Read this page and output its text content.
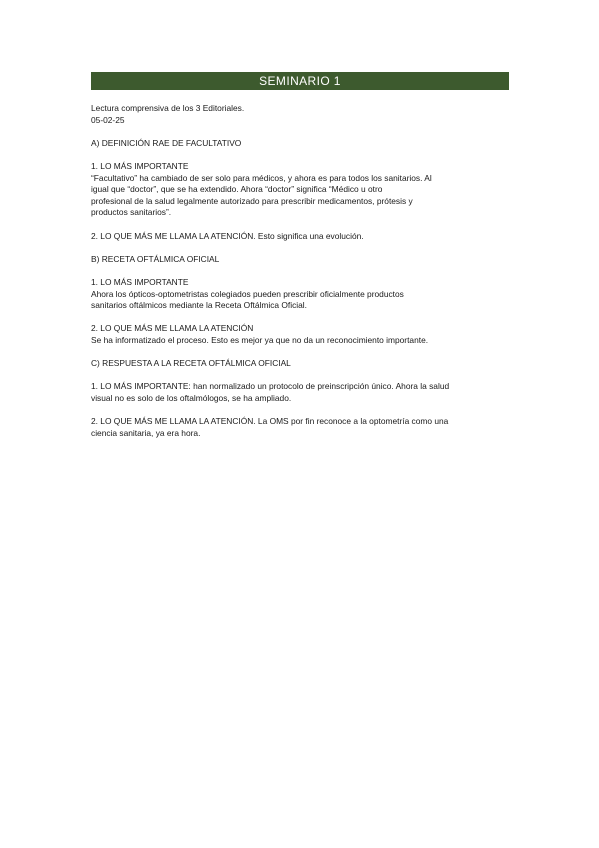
SEMINARIO 1
Lectura comprensiva de los 3 Editoriales.
05-02-25
A) DEFINICIÓN RAE DE FACULTATIVO
1. LO MÁS IMPORTANTE
“Facultativo” ha cambiado de ser solo para médicos, y ahora es para todos los sanitarios. Al
igual que “doctor”, que se ha extendido. Ahora “doctor” significa “Médico u otro
profesional de la salud legalmente autorizado para prescribir medicamentos, prótesis y
productos sanitarios”.
2. LO QUE MÁS ME LLAMA LA ATENCIÓN. Esto significa una evolución.
B) RECETA OFTÁLMICA OFICIAL
1. LO MÁS IMPORTANTE
Ahora los ópticos-optometristas colegiados pueden prescribir oficialmente productos
sanitarios oftálmicos mediante la Receta Oftálmica Oficial.
2. LO QUE MÁS ME LLAMA LA ATENCIÓN
Se ha informatizado el proceso. Esto es mejor ya que no da un reconocimiento importante.
C) RESPUESTA A LA RECETA OFTÁLMICA OFICIAL
1. LO MÁS IMPORTANTE: han normalizado un protocolo de preinscripción único. Ahora la salud
visual no es solo de los oftalmólogos, se ha ampliado.
2. LO QUE MÁS ME LLAMA LA ATENCIÓN. La OMS por fin reconoce a la optometría como una
ciencia sanitaria, ya era hora.
